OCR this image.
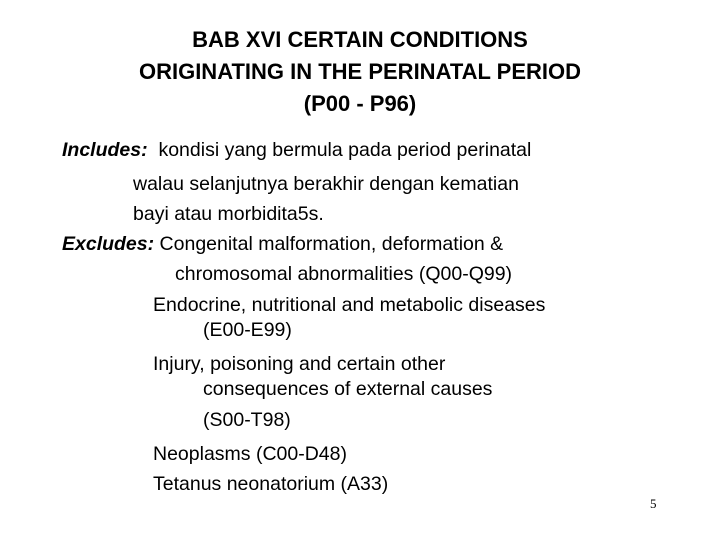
BAB XVI CERTAIN CONDITIONS
ORIGINATING IN THE PERINATAL PERIOD
(P00 - P96)
Includes: kondisi yang bermula pada period perinatal
walau selanjutnya berakhir dengan kematian
bayi atau morbidita5s.
Excludes: Congenital malformation, deformation &
chromosomal abnormalities (Q00-Q99)
Endocrine, nutritional and metabolic diseases
(E00-E99)
Injury, poisoning and certain other
consequences of external causes
(S00-T98)
Neoplasms (C00-D48)
Tetanus neonatorium (A33)
5
